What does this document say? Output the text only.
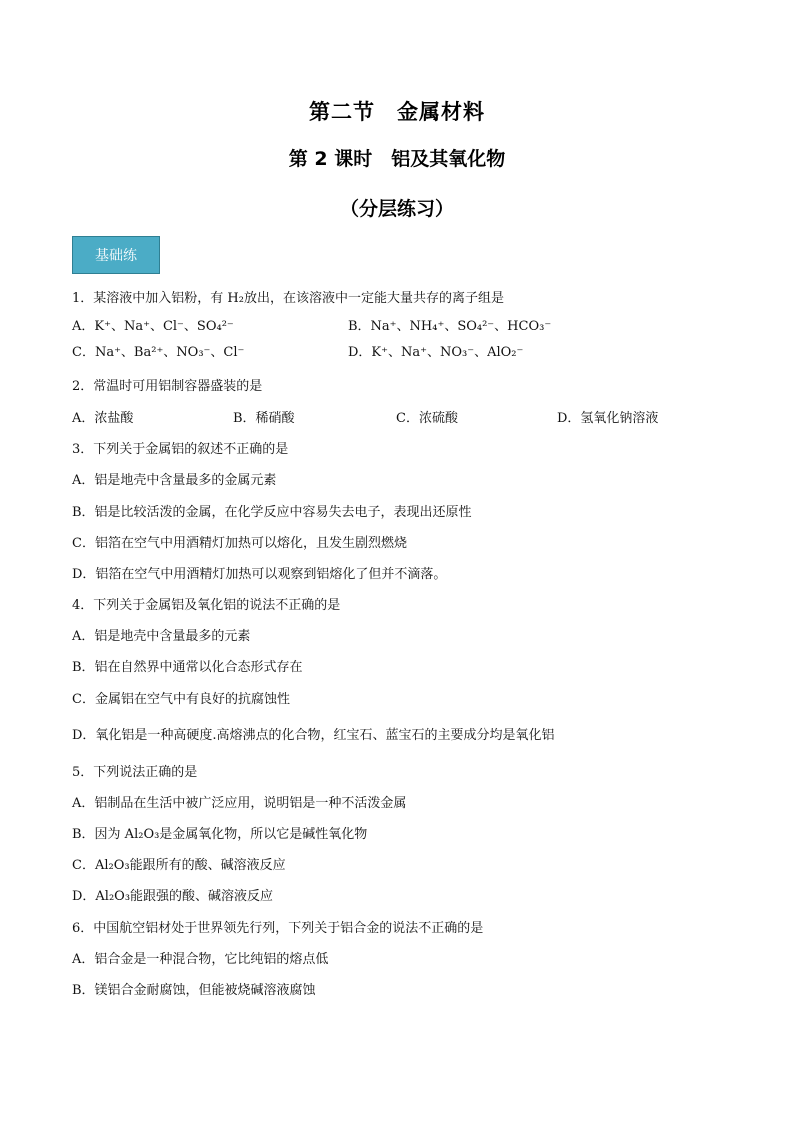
第二节　金属材料
第 2 课时　铝及其氧化物
（分层练习）
基础练
1．某溶液中加入铝粉，有 H₂放出，在该溶液中一定能大量共存的离子组是
A．K⁺、Na⁺、Cl⁻、SO₄²⁻	B．Na⁺、NH₄⁺、SO₄²⁻、HCO₃⁻
C．Na⁺、Ba²⁺、NO₃⁻、Cl⁻	D．K⁺、Na⁺、NO₃⁻、AlO₂⁻
2．常温时可用铝制容器盛装的是
A．浓盐酸	B．稀硝酸	C．浓硫酸	D．氢氧化钠溶液
3．下列关于金属铝的叙述不正确的是
A．铝是地壳中含量最多的金属元素
B．铝是比较活泼的金属，在化学反应中容易失去电子，表现出还原性
C．铝箔在空气中用酒精灯加热可以熔化，且发生剧烈燃烧
D．铝箔在空气中用酒精灯加热可以观察到铝熔化了但并不滴落。
4．下列关于金属铝及氧化铝的说法不正确的是
A．铝是地壳中含量最多的元素
B．铝在自然界中通常以化合态形式存在
C．金属铝在空气中有良好的抗腐蚀性
D．氧化铝是一种高硬度.高熔沸点的化合物，红宝石、蓝宝石的主要成分均是氧化铝
5．下列说法正确的是
A．铝制品在生活中被广泛应用，说明铝是一种不活泼金属
B．因为 Al₂O₃是金属氧化物，所以它是碱性氧化物
C．Al₂O₃能跟所有的酸、碱溶液反应
D．Al₂O₃能跟强的酸、碱溶液反应
6．中国航空铝材处于世界领先行列，下列关于铝合金的说法不正确的是
A．铝合金是一种混合物，它比纯铝的熔点低
B．镁铝合金耐腐蚀，但能被烧碱溶液腐蚀
